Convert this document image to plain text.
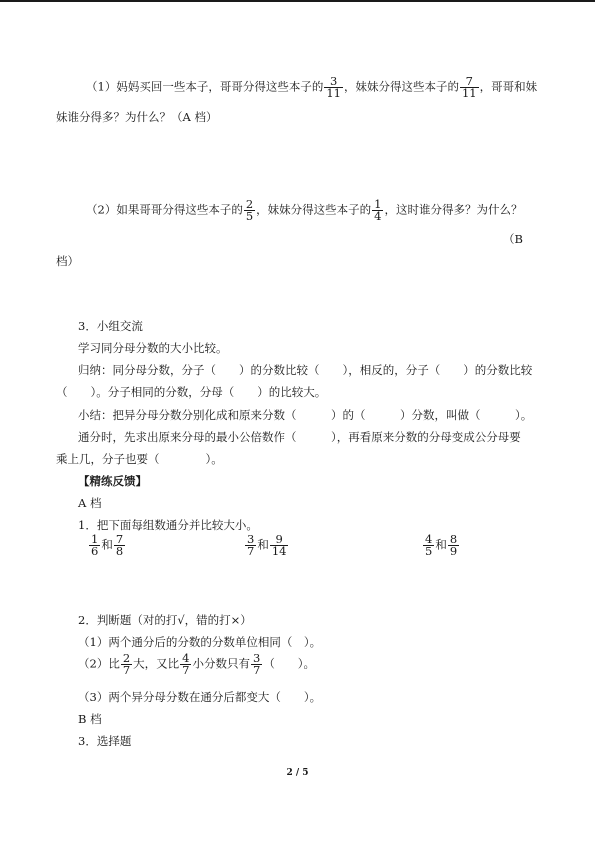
（1）妈妈买回一些本子，哥哥分得这些本子的 $\frac{3}{11}$ ，妹妹分得这些本子的 $\frac{7}{11}$ ，哥哥和妹
妹谁分得多？为什么？（A 档）
（2）如果哥哥分得这些本子的 $\frac{2}{5}$ ，妹妹分得这些本子的 $\frac{1}{4}$ ，这时谁分得多？为什么？
（B
档）
3．小组交流
学习同分母分数的大小比较。
归纳：同分母分数，分子（　　）的分数比较（　　），相反的，分子（　　）的分数比较
（　　）。分子相同的分数，分母（　　）的比较大。
小结：把异分母分数分别化成和原来分数（　　　）的（　　　）分数，叫做（　　　）。
通分时，先求出原来分母的最小公倍数作（　　　），再看原来分数的分母变成公分母要
乘上几，分子也要（　　　　）。
【精练反馈】
A 档
1．把下面每组数通分并比较大小。
$\frac{1}{6}$ 和 $\frac{7}{8}$	$\frac{3}{7}$ 和 $\frac{9}{14}$	$\frac{4}{5}$ 和 $\frac{8}{9}$
2．判断题（对的打√，错的打×）
（1）两个通分后的分数的分数单位相同（　）。
（2）比 $\frac{2}{7}$ 大，又比 $\frac{4}{7}$ 小分数只有 $\frac{3}{7}$ （　　）。
（3）两个异分母分数在通分后都变大（　　）。
B 档
3．选择题
2 / 5
